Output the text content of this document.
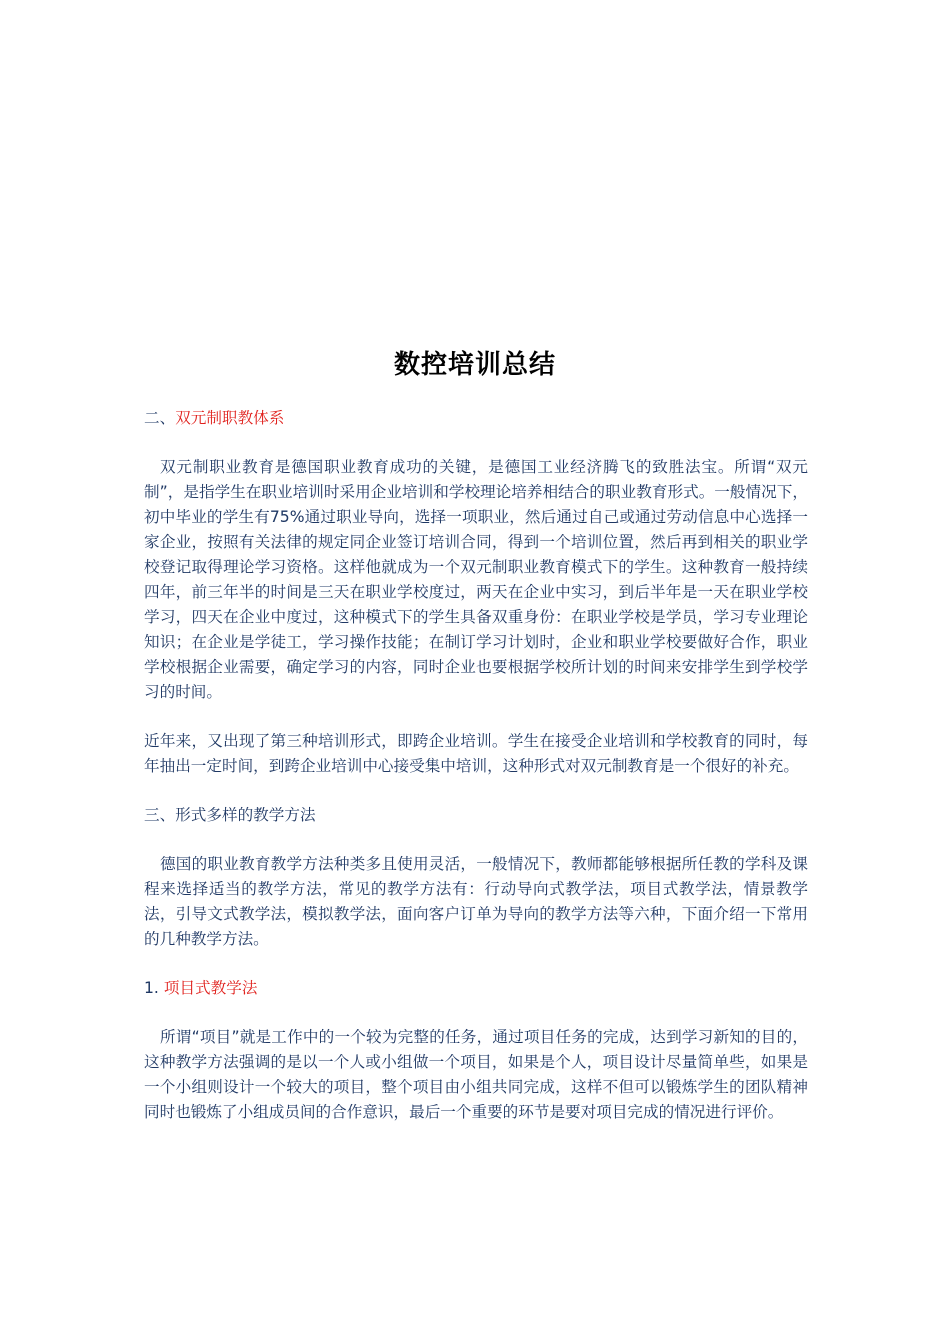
数控培训总结
二、双元制职教体系

双元制职业教育是德国职业教育成功的关键，是德国工业经济腾飞的致胜法宝。所谓“双元制”，是指学生在职业培训时采用企业培训和学校理论培养相结合的职业教育形式。一般情况下，初中毕业的学生有75%通过职业导向，选择一项职业，然后通过自己或通过劳动信息中心选择一家企业，按照有关法律的规定同企业签订培训合同，得到一个培训位置，然后再到相关的职业学校登记取得理论学习资格。这样他就成为一个双元制职业教育模式下的学生。这种教育一般持续四年，前三年半的时间是三天在职业学校度过，两天在企业中实习，到后半年是一天在职业学校学习，四天在企业中度过，这种模式下的学生具备双重身份：在职业学校是学员，学习专业理论知识；在企业是学徒工，学习操作技能；在制订学习计划时，企业和职业学校要做好合作，职业学校根据企业需要，确定学习的内容，同时企业也要根据学校所计划的时间来安排学生到学校学习的时间。

近年来，又出现了第三种培训形式，即跨企业培训。学生在接受企业培训和学校教育的同时，每年抽出一定时间，到跨企业培训中心接受集中培训，这种形式对双元制教育是一个很好的补充。

三、形式多样的教学方法

德国的职业教育教学方法种类多且使用灵活，一般情况下，教师都能够根据所任教的学科及课程来选择适当的教学方法，常见的教学方法有：行动导向式教学法，项目式教学法，情景教学法，引导文式教学法，模拟教学法，面向客户订单为导向的教学方法等六种，下面介绍一下常用的几种教学方法。

1. 项目式教学法

所谓“项目”就是工作中的一个较为完整的任务，通过项目任务的完成，达到学习新知的目的，这种教学方法强调的是以一个人或小组做一个项目，如果是个人，项目设计尽量简单些，如果是一个小组则设计一个较大的项目，整个项目由小组共同完成，这样不但可以锻炼学生的团队精神同时也锻炼了小组成员间的合作意识，最后一个重要的环节是要对项目完成的情况进行评价。
